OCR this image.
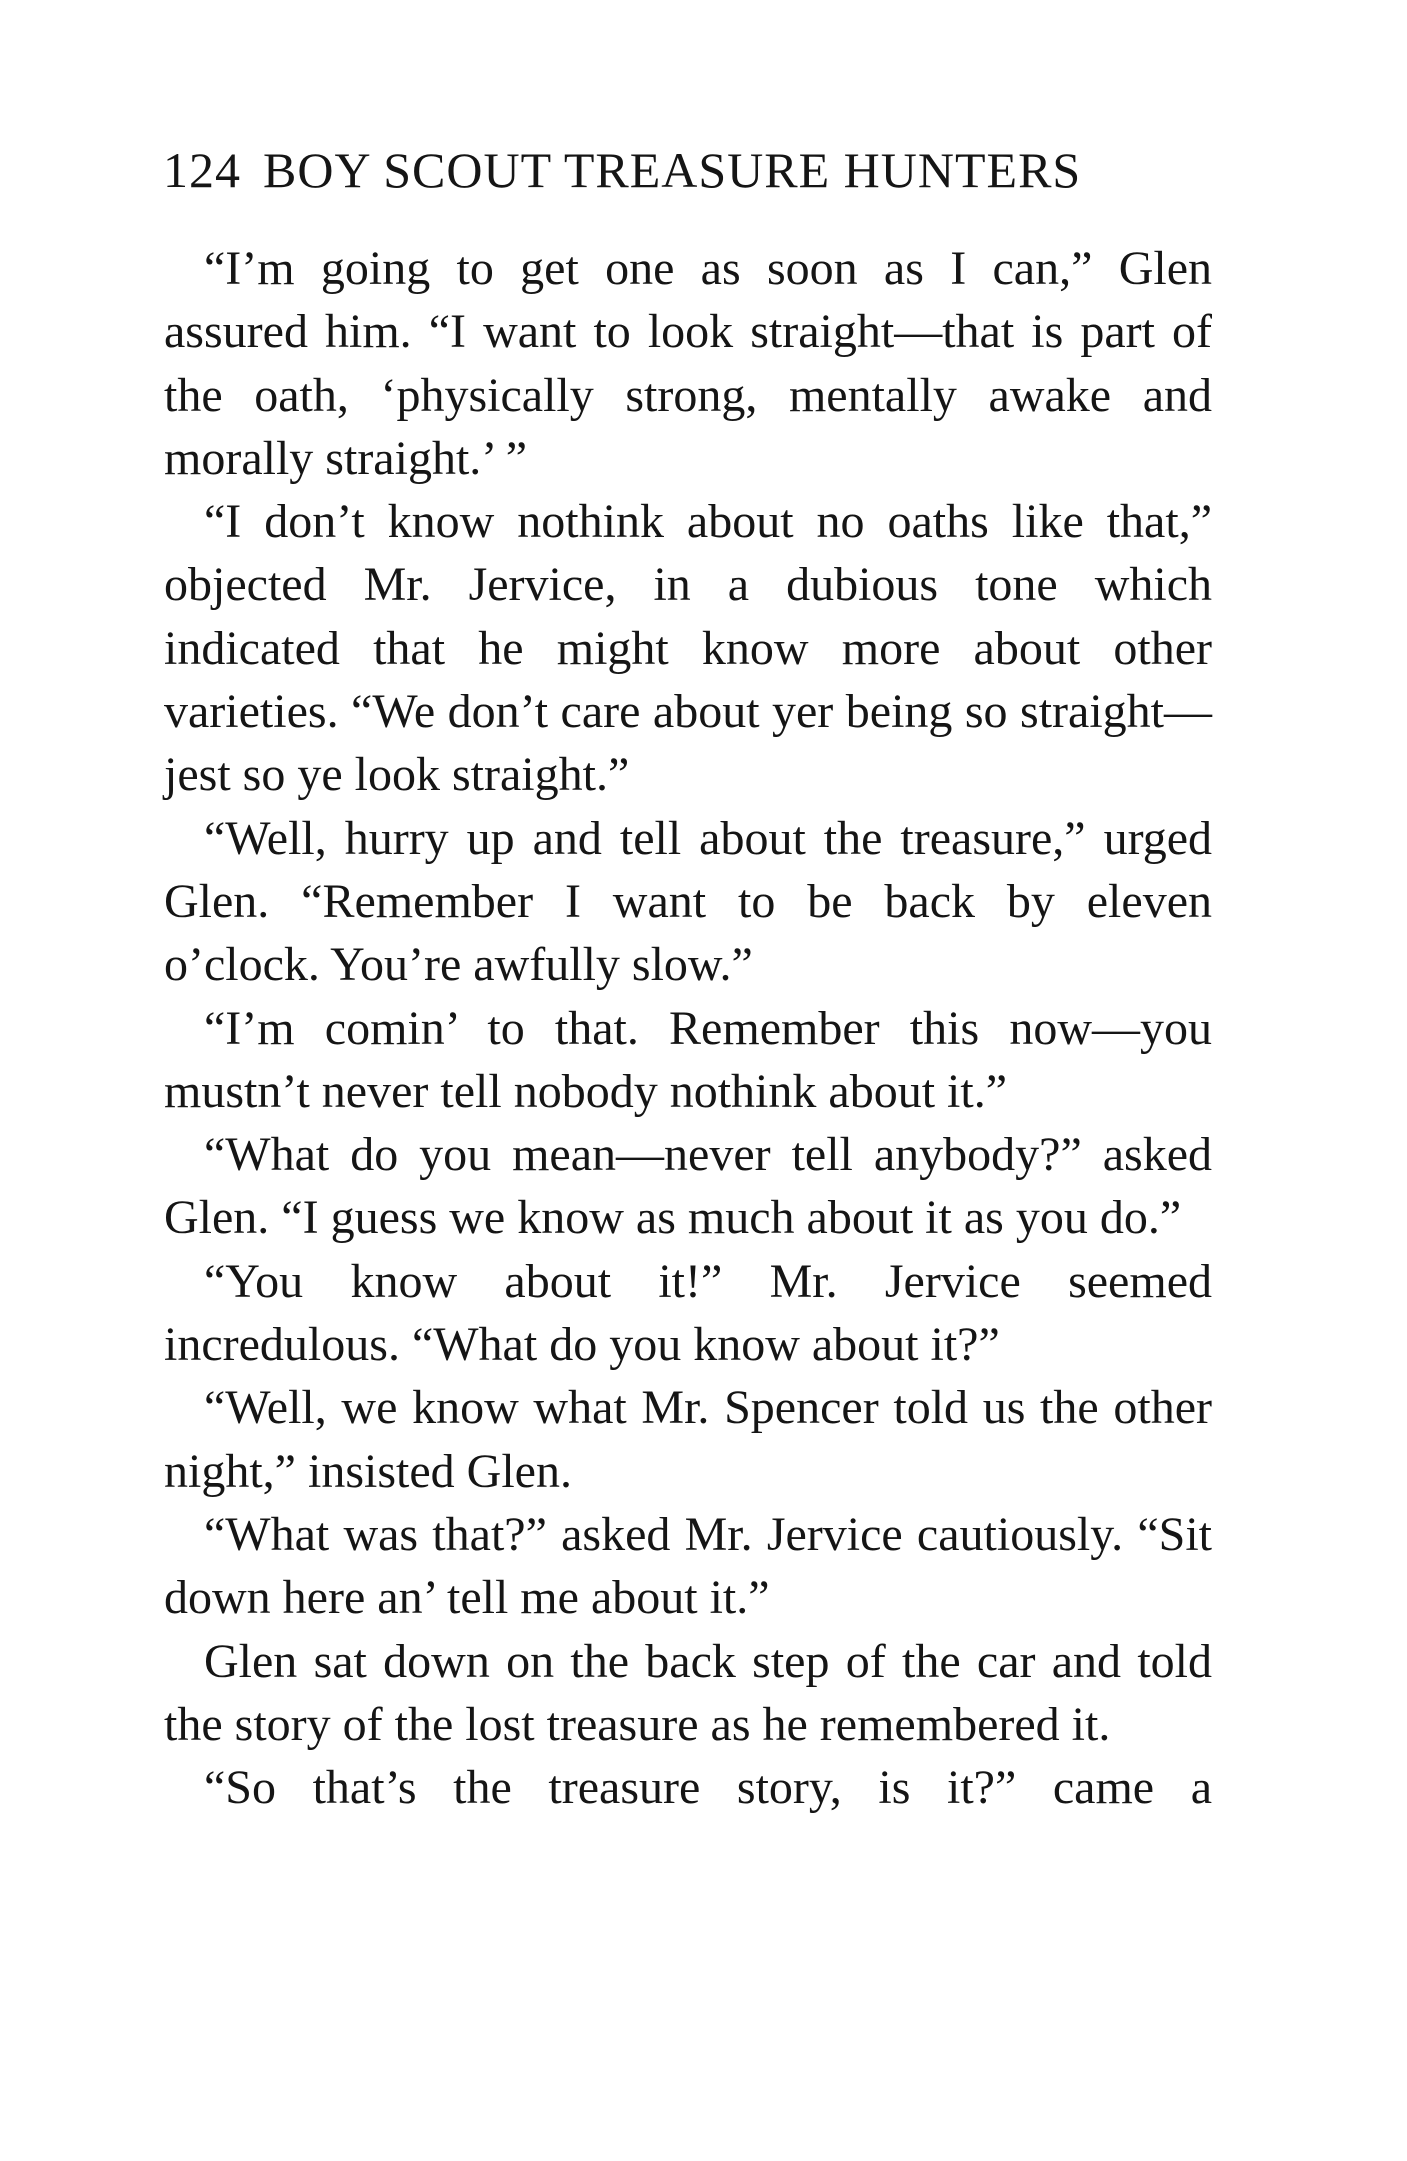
124 BOY SCOUT TREASURE HUNTERS

“I’m going to get one as soon as I can,” Glen assured him. “I want to look straight—that is part of the oath, ‘physically strong, mentally awake and morally straight.’ ”

“I don’t know nothink about no oaths like that,” objected Mr. Jervice, in a dubious tone which indicated that he might know more about other varieties. “We don’t care about yer being so straight—jest so ye look straight.”

“Well, hurry up and tell about the treasure,” urged Glen. “Remember I want to be back by eleven o’clock. You’re awfully slow.”

“I’m comin’ to that. Remember this now—you mustn’t never tell nobody nothink about it.”

“What do you mean—never tell anybody?” asked Glen. “I guess we know as much about it as you do.”

“You know about it!” Mr. Jervice seemed incredulous. “What do you know about it?”

“Well, we know what Mr. Spencer told us the other night,” insisted Glen.

“What was that?” asked Mr. Jervice cautiously. “Sit down here an’ tell me about it.”

Glen sat down on the back step of the car and told the story of the lost treasure as he remembered it.

“So that’s the treasure story, is it?” came a
